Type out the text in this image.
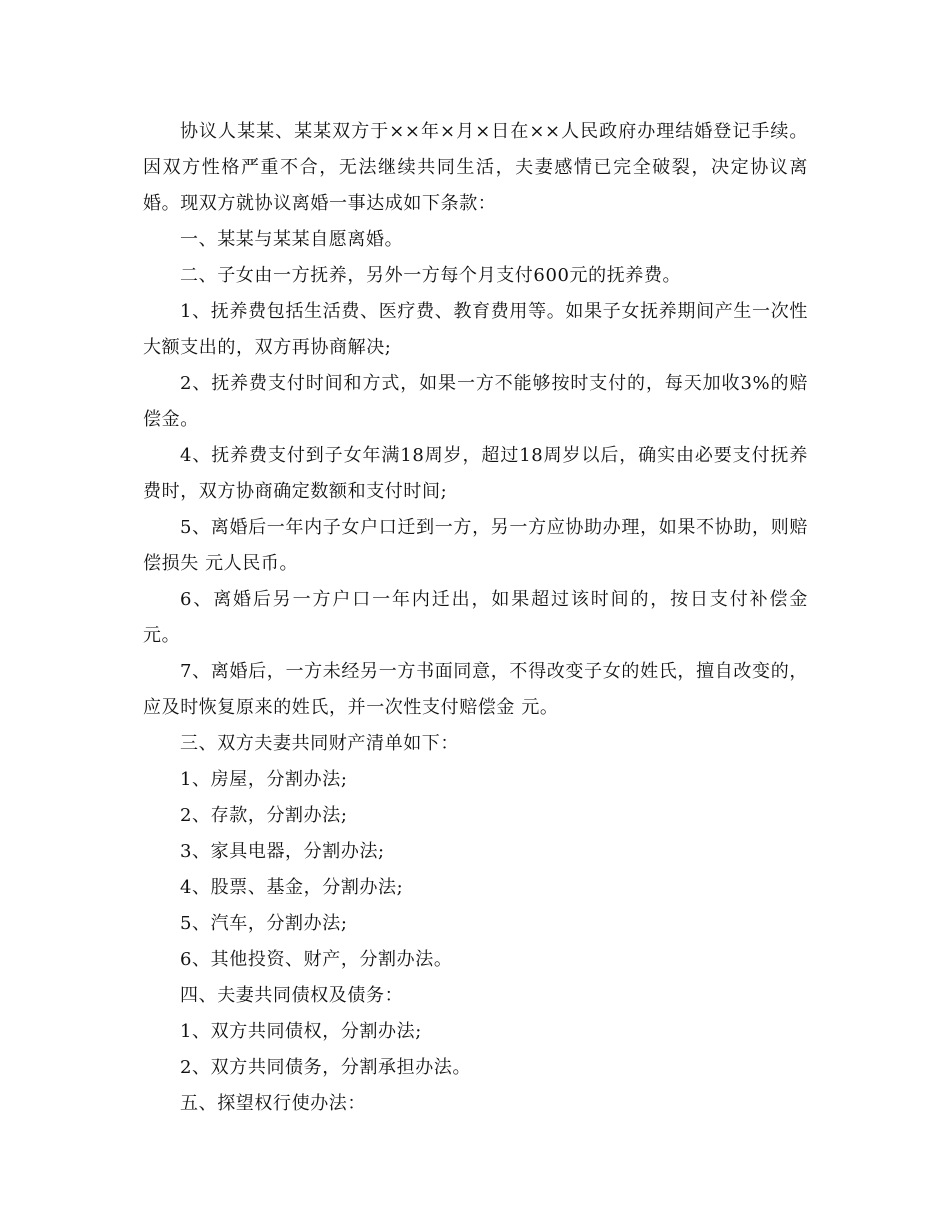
协议人某某、某某双方于××年×月×日在××人民政府办理结婚登记手续。因双方性格严重不合，无法继续共同生活，夫妻感情已完全破裂，决定协议离婚。现双方就协议离婚一事达成如下条款：

一、某某与某某自愿离婚。

二、子女由一方抚养，另外一方每个月支付600元的抚养费。

1、抚养费包括生活费、医疗费、教育费用等。如果子女抚养期间产生一次性大额支出的，双方再协商解决;

2、抚养费支付时间和方式，如果一方不能够按时支付的，每天加收3%的赔偿金。

4、抚养费支付到子女年满18周岁，超过18周岁以后，确实由必要支付抚养费时，双方协商确定数额和支付时间;

5、离婚后一年内子女户口迁到一方，另一方应协助办理，如果不协助，则赔偿损失 元人民币。

6、离婚后另一方户口一年内迁出，如果超过该时间的，按日支付补偿金 元。

7、离婚后，一方未经另一方书面同意，不得改变子女的姓氏，擅自改变的，应及时恢复原来的姓氏，并一次性支付赔偿金 元。

三、双方夫妻共同财产清单如下：

1、房屋，分割办法;

2、存款，分割办法;

3、家具电器，分割办法;

4、股票、基金，分割办法;

5、汽车，分割办法;

6、其他投资、财产，分割办法。

四、夫妻共同债权及债务：

1、双方共同债权，分割办法;

2、双方共同债务，分割承担办法。

五、探望权行使办法：
